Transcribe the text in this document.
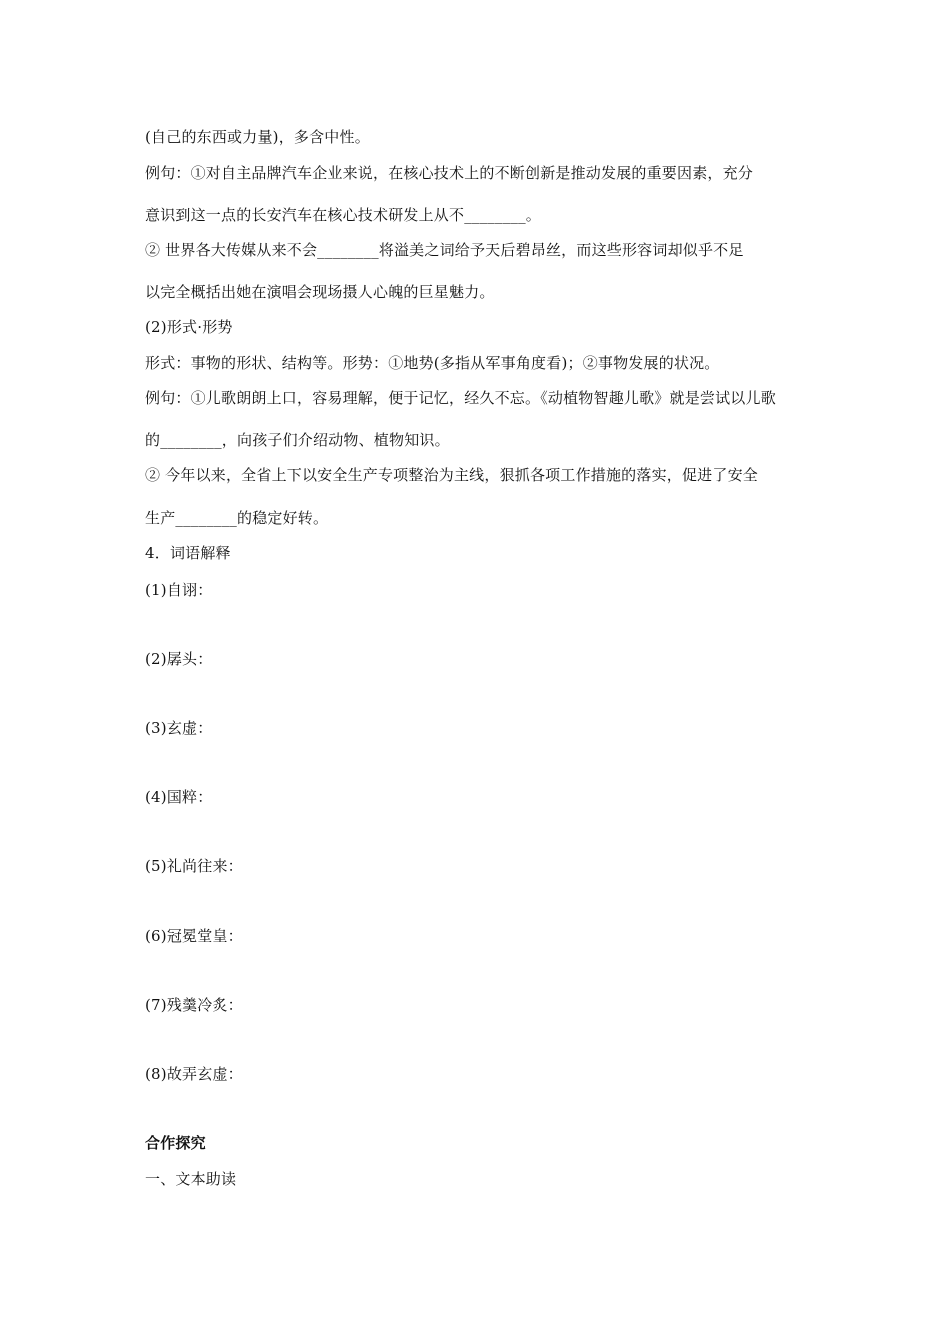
(自己的东西或力量)，多含中性。
例句：①对自主品牌汽车企业来说，在核心技术上的不断创新是推动发展的重要因素，充分
意识到这一点的长安汽车在核心技术研发上从不________。
② 世界各大传媒从来不会________将溢美之词给予天后碧昂丝，而这些形容词却似乎不足
以完全概括出她在演唱会现场摄人心魄的巨星魅力。
(2)形式·形势
形式：事物的形状、结构等。形势：①地势(多指从军事角度看)；②事物发展的状况。
例句：①儿歌朗朗上口，容易理解，便于记忆，经久不忘。《动植物智趣儿歌》就是尝试以儿歌
的________，向孩子们介绍动物、植物知识。
② 今年以来，全省上下以安全生产专项整治为主线，狠抓各项工作措施的落实，促进了安全
生产________的稳定好转。
4．词语解释
(1)自诩：
(2)孱头：
(3)玄虚：
(4)国粹：
(5)礼尚往来：
(6)冠冕堂皇：
(7)残羹冷炙：
(8)故弄玄虚：
合作探究
一、文本助读
